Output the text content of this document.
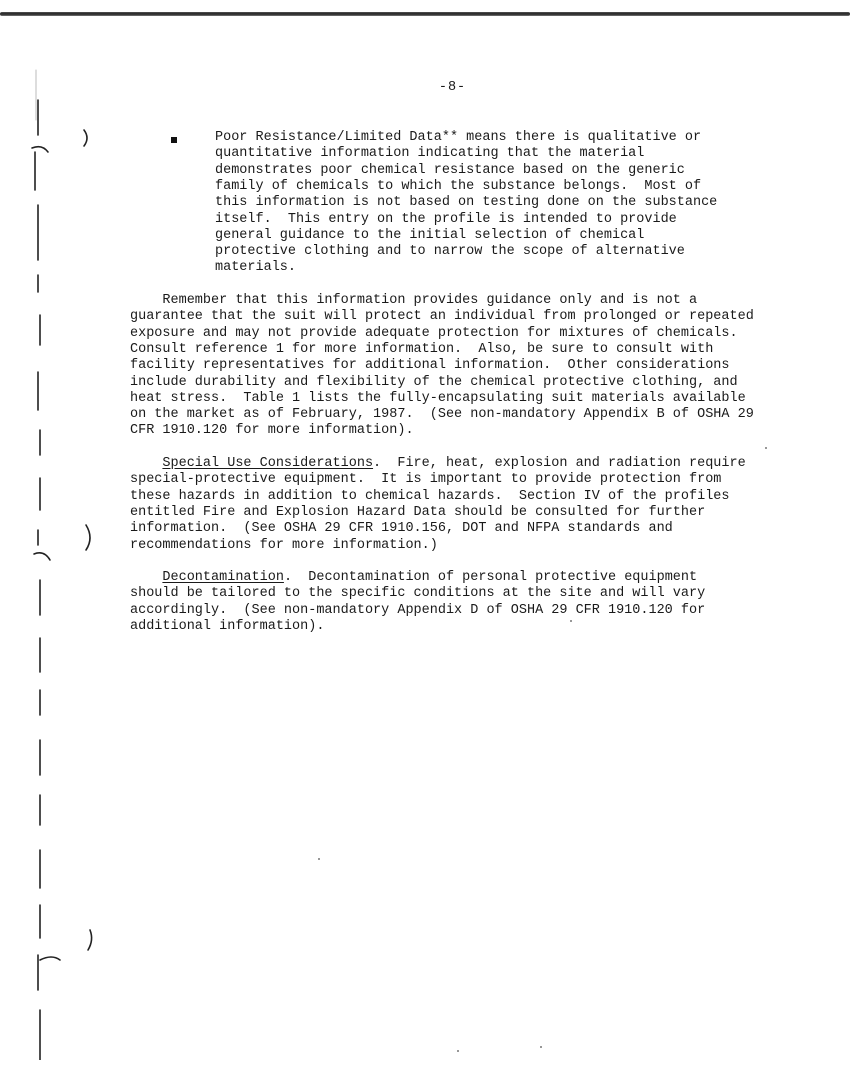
-8-
Poor Resistance/Limited Data** means there is qualitative or
quantitative information indicating that the material
demonstrates poor chemical resistance based on the generic
family of chemicals to which the substance belongs.  Most of
this information is not based on testing done on the substance
itself.  This entry on the profile is intended to provide
general guidance to the initial selection of chemical
protective clothing and to narrow the scope of alternative
materials.
Remember that this information provides guidance only and is not a
guarantee that the suit will protect an individual from prolonged or repeated
exposure and may not provide adequate protection for mixtures of chemicals.
Consult reference 1 for more information.  Also, be sure to consult with
facility representatives for additional information.  Other considerations
include durability and flexibility of the chemical protective clothing, and
heat stress.  Table 1 lists the fully-encapsulating suit materials available
on the market as of February, 1987.  (See non-mandatory Appendix B of OSHA 29
CFR 1910.120 for more information).
Special Use Considerations.  Fire, heat, explosion and radiation require
special-protective equipment.  It is important to provide protection from
these hazards in addition to chemical hazards.  Section IV of the profiles
entitled Fire and Explosion Hazard Data should be consulted for further
information.  (See OSHA 29 CFR 1910.156, DOT and NFPA standards and
recommendations for more information.)
Decontamination.  Decontamination of personal protective equipment
should be tailored to the specific conditions at the site and will vary
accordingly.  (See non-mandatory Appendix D of OSHA 29 CFR 1910.120 for
additional information).
